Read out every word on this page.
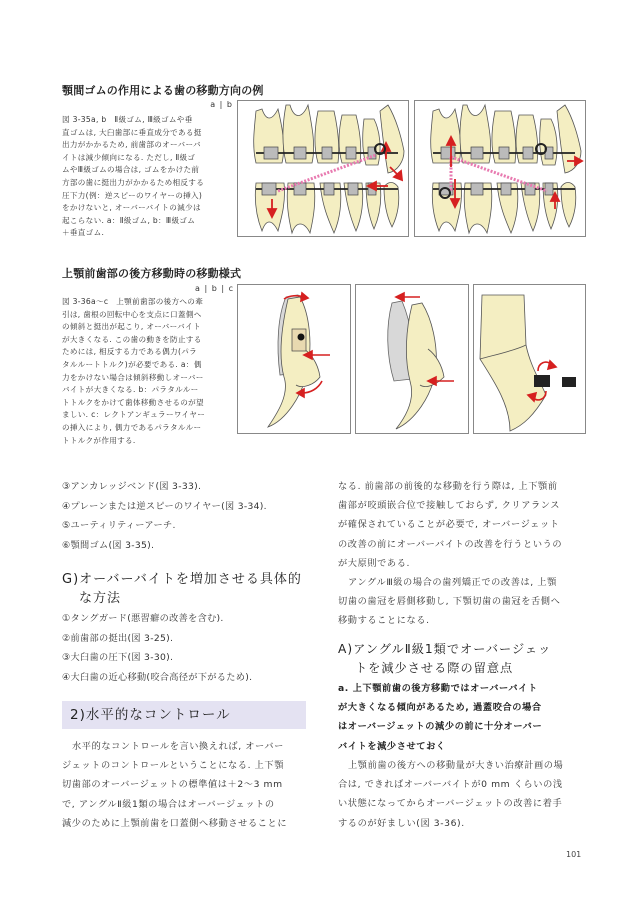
顎間ゴムの作用による歯の移動方向の例
a | b
図 3-35a, b　Ⅱ級ゴム, Ⅲ級ゴムや垂
直ゴムは, 大臼歯部に垂直成分である挺
出力がかかるため, 前歯部のオーバーバ
イトは減少傾向になる. ただし, Ⅱ級ゴ
ムやⅢ級ゴムの場合は, ゴムをかけた前
方部の歯に挺出力がかかるため相反する
圧下力(例：逆スピーのワイヤーの挿入)
をかけないと, オーバーバイトの減少は
起こらない. a：Ⅱ級ゴム, b：Ⅲ級ゴム
＋垂直ゴム.
上顎前歯部の後方移動時の移動様式
a | b | c
図 3-36a〜c　上顎前歯部の後方への牽
引は, 歯根の回転中心を支点に口蓋側へ
の傾斜と挺出が起こり, オーバーバイト
が大きくなる. この歯の動きを防止する
ためには, 相反する力である偶力(パラ
タルルートトルク)が必要である. a：偶
力をかけない場合は傾斜移動しオーバー
バイトが大きくなる. b：パラタルルー
トトルクをかけて歯体移動させるのが望
ましい. c：レクトアンギュラーワイヤー
の挿入により, 偶力であるパラタルルー
トトルクが作用する.
③アンカレッジベンド(図 3-33).
④プレーンまたは逆スピーのワイヤー(図 3-34).
⑤ユーティリティーアーチ.
⑥顎間ゴム(図 3-35).
G)オーバーバイトを増加させる具体的
な方法
①タングガード(悪習癖の改善を含む).
②前歯部の挺出(図 3-25).
③大臼歯の圧下(図 3-30).
④大臼歯の近心移動(咬合高径が下がるため).
2)水平的なコントロール
水平的なコントロールを言い換えれば, オーバー
ジェットのコントロールということになる. 上下顎
切歯部のオーバージェットの標準値は＋2〜3 mm
で, アングルⅡ級1類の場合はオーバージェットの
減少のために上顎前歯を口蓋側へ移動させることに
なる. 前歯部の前後的な移動を行う際は, 上下顎前
歯部が咬頭嵌合位で接触しておらず, クリアランス
が確保されていることが必要で, オーバージェット
の改善の前にオーバーバイトの改善を行うというの
が大原則である.
アングルⅢ級の場合の歯列矯正での改善は, 上顎
切歯の歯冠を唇側移動し, 下顎切歯の歯冠を舌側へ
移動することになる.
A)アングルⅡ級1類でオーバージェッ
トを減少させる際の留意点
a. 上下顎前歯の後方移動ではオーバーバイト
が大きくなる傾向があるため, 過蓋咬合の場合
はオーバージェットの減少の前に十分オーバー
バイトを減少させておく
上顎前歯の後方への移動量が大きい治療計画の場
合は, できればオーバーバイトが0 mm くらいの浅
い状態になってからオーバージェットの改善に着手
するのが好ましい(図 3-36).
101
